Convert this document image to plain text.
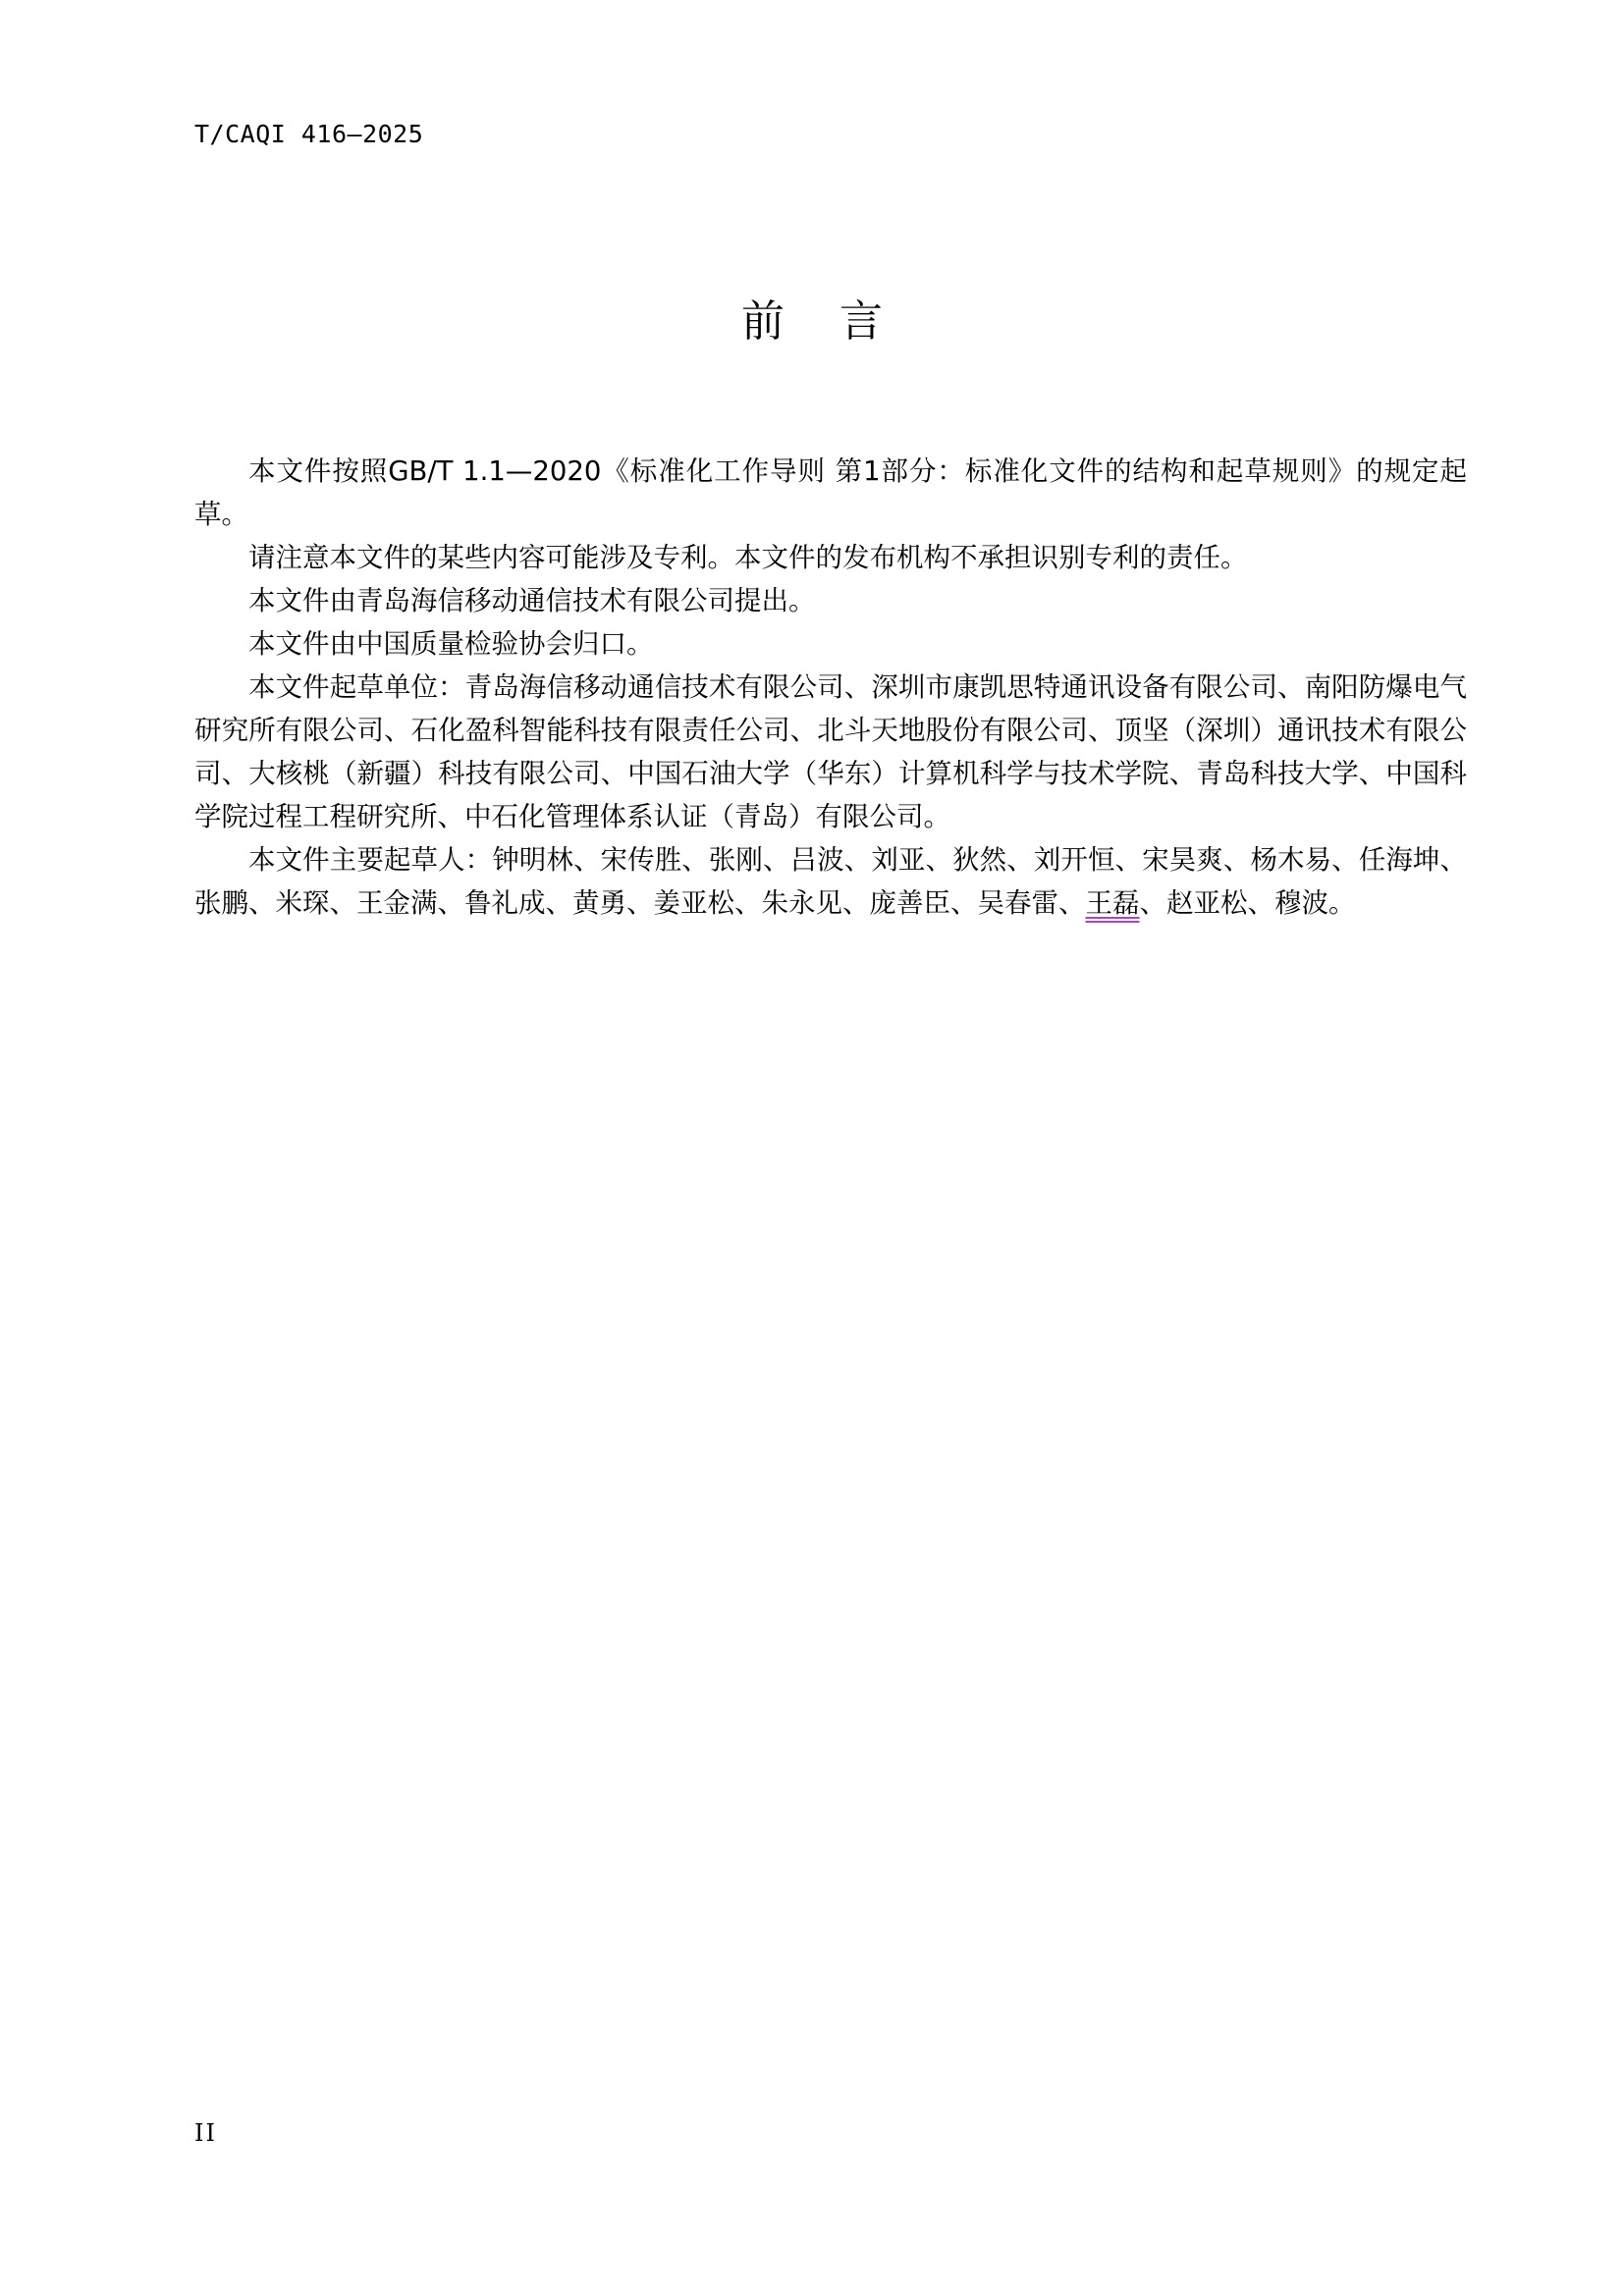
T/CAQI 416—2025
前    言

本文件按照GB/T 1.1—2020《标准化工作导则 第1部分：标准化文件的结构和起草规则》的规定起草。

请注意本文件的某些内容可能涉及专利。本文件的发布机构不承担识别专利的责任。

本文件由青岛海信移动通信技术有限公司提出。

本文件由中国质量检验协会归口。

本文件起草单位：青岛海信移动通信技术有限公司、深圳市康凯思特通讯设备有限公司、南阳防爆电气研究所有限公司、石化盈科智能科技有限责任公司、北斗天地股份有限公司、顶坚（深圳）通讯技术有限公司、大核桃（新疆）科技有限公司、中国石油大学（华东）计算机科学与技术学院、青岛科技大学、中国科学院过程工程研究所、中石化管理体系认证（青岛）有限公司。

本文件主要起草人：钟明林、宋传胜、张刚、吕波、刘亚、狄然、刘开恒、宋昊爽、杨木易、任海坤、张鹏、米琛、王金满、鲁礼成、黄勇、姜亚松、朱永见、庞善臣、吴春雷、王磊、赵亚松、穆波。

II
